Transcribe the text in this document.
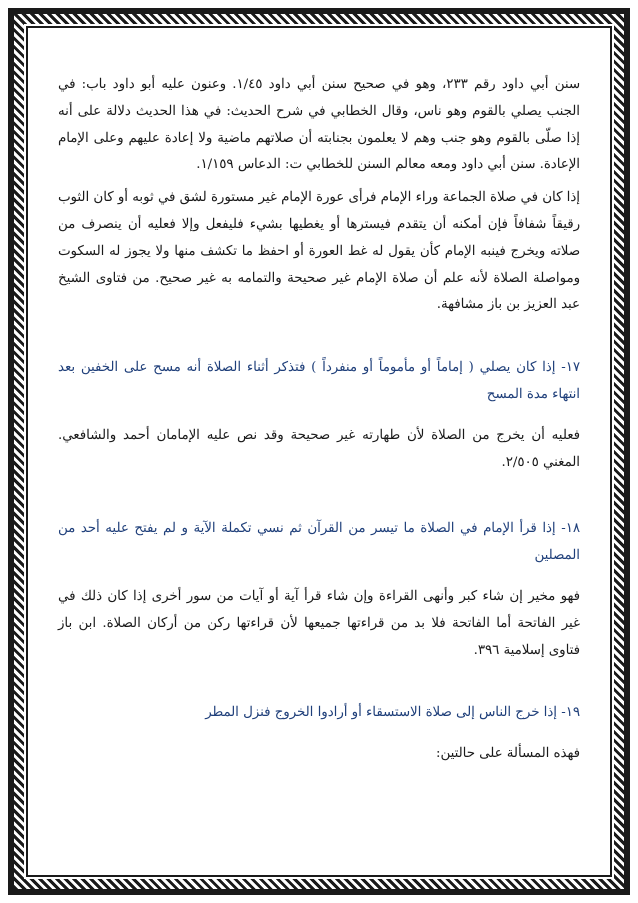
سنن أبي داود رقم ٢٣٣، وهو في صحيح سنن أبي داود ١/٤٥. وعنون عليه أبو داود باب: في الجنب يصلي بالقوم وهو ناس، وقال الخطابي في شرح الحديث: في هذا الحديث دلالة على أنه إذا صلّى بالقوم وهو جنب وهم لا يعلمون بجنابته أن صلاتهم ماضية ولا إعادة عليهم وعلى الإمام الإعادة. سنن أبي داود ومعه معالم السنن للخطابي ت: الدعاس ١/١٥٩.

إذا كان في صلاة الجماعة وراء الإمام فرأى عورة الإمام غير مستورة لشق في ثوبه أو كان الثوب رقيقاً شفافاً فإن أمكنه أن يتقدم فيسترها أو يغطيها بشيء فليفعل وإلا فعليه أن ينصرف من صلاته ويخرج فينبه الإمام كأن يقول له غط العورة أو احفظ ما تكشف منها ولا يجوز له السكوت ومواصلة الصلاة لأنه علم أن صلاة الإمام غير صحيحة والتمامه به غير صحيح. من فتاوى الشيخ عبد العزيز بن باز مشافهة.

١٧- إذا كان يصلي ( إماماً أو مأموماً أو منفرداً ) فتذكر أثناء الصلاة أنه مسح على الخفين بعد انتهاء مدة المسح

فعليه أن يخرج من الصلاة لأن طهارته غير صحيحة وقد نص عليه الإمامان أحمد والشافعي. المغني ٢/٥٠٥.

١٨- إذا قرأ الإمام في الصلاة ما تيسر من القرآن ثم نسي تكملة الآية و لم يفتح عليه أحد من المصلين

فهو مخير إن شاء كبر وأنهى القراءة وإن شاء قرأ آية أو آيات من سور أخرى إذا كان ذلك في غير الفاتحة أما الفاتحة فلا بد من قراءتها جميعها لأن قراءتها ركن من أركان الصلاة. ابن باز فتاوى إسلامية ٣٩٦.

١٩- إذا خرج الناس إلى صلاة الاستسقاء أو أرادوا الخروج فنزل المطر

فهذه المسألة على حالتين:
